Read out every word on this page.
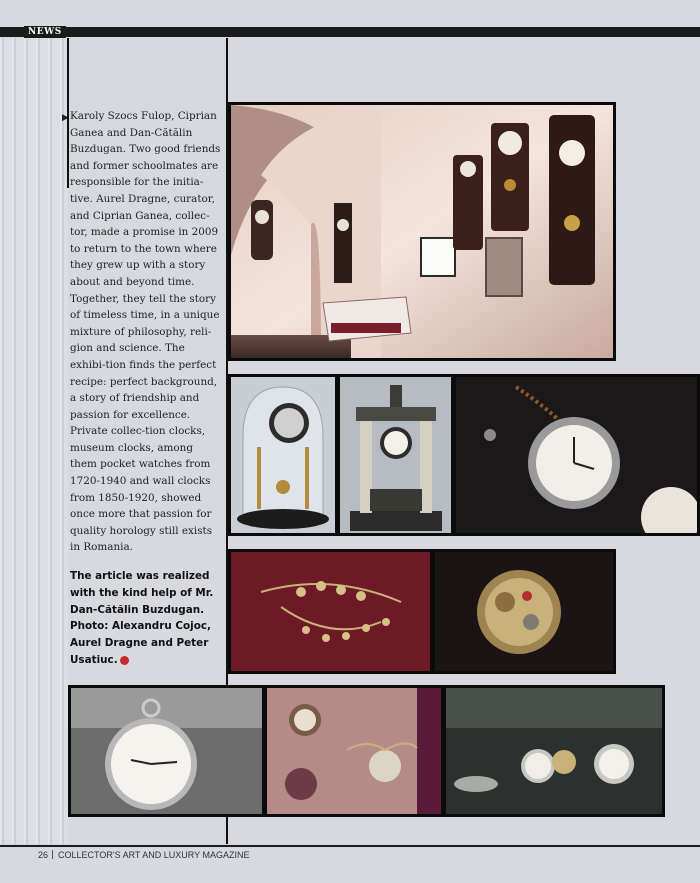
NEWS
▶ Karoly Szocs Fulop, Ciprian Ganea and Dan-Cătălin Buzdugan. Two good friends and former schoolmates are responsible for the initia-tive. Aurel Dragne, curator, and Ciprian Ganea, collec-tor, made a promise in 2009 to return to the town where they grew up with a story about and beyond time. Together, they tell the story of timeless time, in a unique mixture of philosophy, reli-gion and science. The exhibi-tion finds the perfect recipe: perfect background, a story of friendship and passion for excellence. Private collec-tion clocks, museum clocks, among them pocket watches from 1720-1940 and wall clocks from 1850-1920, showed once more that passion for quality horology still exists in Romania.

The article was realized with the kind help of Mr. Dan-Cătălin Buzdugan. Photo: Alexandru Cojoc, Aurel Dragne and Peter Usatiuc.

26 COLLECTOR'S ART AND LUXURY MAGAZINE
